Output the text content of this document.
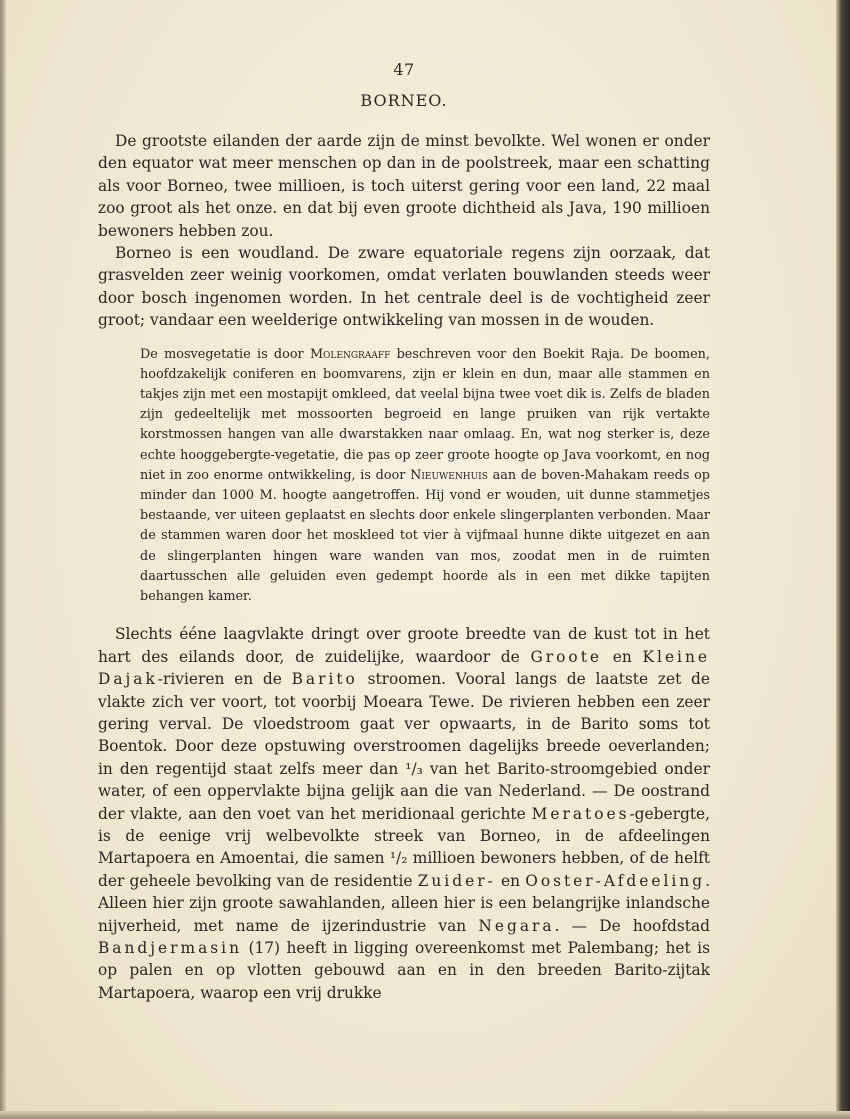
47
BORNEO.

De grootste eilanden der aarde zijn de minst bevolkte. Wel wonen er onder den equator wat meer menschen op dan in de poolstreek, maar een schatting als voor Borneo, twee millioen, is toch uiterst gering voor een land, 22 maal zoo groot als het onze. en dat bij even groote dichtheid als Java, 190 millioen bewoners hebben zou.

Borneo is een woudland. De zware equatoriale regens zijn oorzaak, dat grasvelden zeer weinig voorkomen, omdat verlaten bouwlanden steeds weer door bosch ingenomen worden. In het centrale deel is de vochtigheid zeer groot; vandaar een weelderige ontwikkeling van mossen in de wouden.

De mosvegetatie is door Molengraaff beschreven voor den Boekit Raja. De boomen, hoofdzakelijk coniferen en boomvarens, zijn er klein en dun, maar alle stammen en takjes zijn met een mostapijt omkleed, dat veelal bijna twee voet dik is. Zelfs de bladen zijn gedeeltelijk met mossoorten begroeid en lange pruiken van rijk vertakte korstmossen hangen van alle dwarstakken naar omlaag. En, wat nog sterker is, deze echte hooggebergte-vegetatie, die pas op zeer groote hoogte op Java voorkomt, en nog niet in zoo enorme ontwikkeling, is door Nieuwenhuis aan de boven-Mahakam reeds op minder dan 1000 M. hoogte aangetroffen. Hij vond er wouden, uit dunne stammetjes bestaande, ver uiteen geplaatst en slechts door enkele slingerplanten verbonden. Maar de stammen waren door het moskleed tot vier à vijfmaal hunne dikte uitgezet en aan de slingerplanten hingen ware wanden van mos, zoodat men in de ruimten daartusschen alle geluiden even gedempt hoorde als in een met dikke tapijten behangen kamer.

Slechts ééne laagvlakte dringt over groote breedte van de kust tot in het hart des eilands door, de zuidelijke, waardoor de Groote en Kleine Dajak-rivieren en de Barito stroomen. Vooral langs de laatste zet de vlakte zich ver voort, tot voorbij Moeara Tewe. De rivieren hebben een zeer gering verval. De vloedstroom gaat ver opwaarts, in de Barito soms tot Boentok. Door deze opstuwing overstroomen dagelijks breede oeverlanden; in den regentijd staat zelfs meer dan ¹/₃ van het Barito-stroomgebied onder water, of een oppervlakte bijna gelijk aan die van Nederland. — De oostrand der vlakte, aan den voet van het meridionaal gerichte Meratoes-gebergte, is de eenige vrij welbevolkte streek van Borneo, in de afdeelingen Martapoera en Amoentai, die samen ¹/₂ millioen bewoners hebben, of de helft der geheele bevolking van de residentie Zuider- en Ooster-Afdeeling. Alleen hier zijn groote sawahlanden, alleen hier is een belangrijke inlandsche nijverheid, met name de ijzerindustrie van Negara. — De hoofdstad Bandjermasin (17) heeft in ligging overeenkomst met Palembang; het is op palen en op vlotten gebouwd aan en in den breeden Barito-zijtak Martapoera, waarop een vrij drukke
